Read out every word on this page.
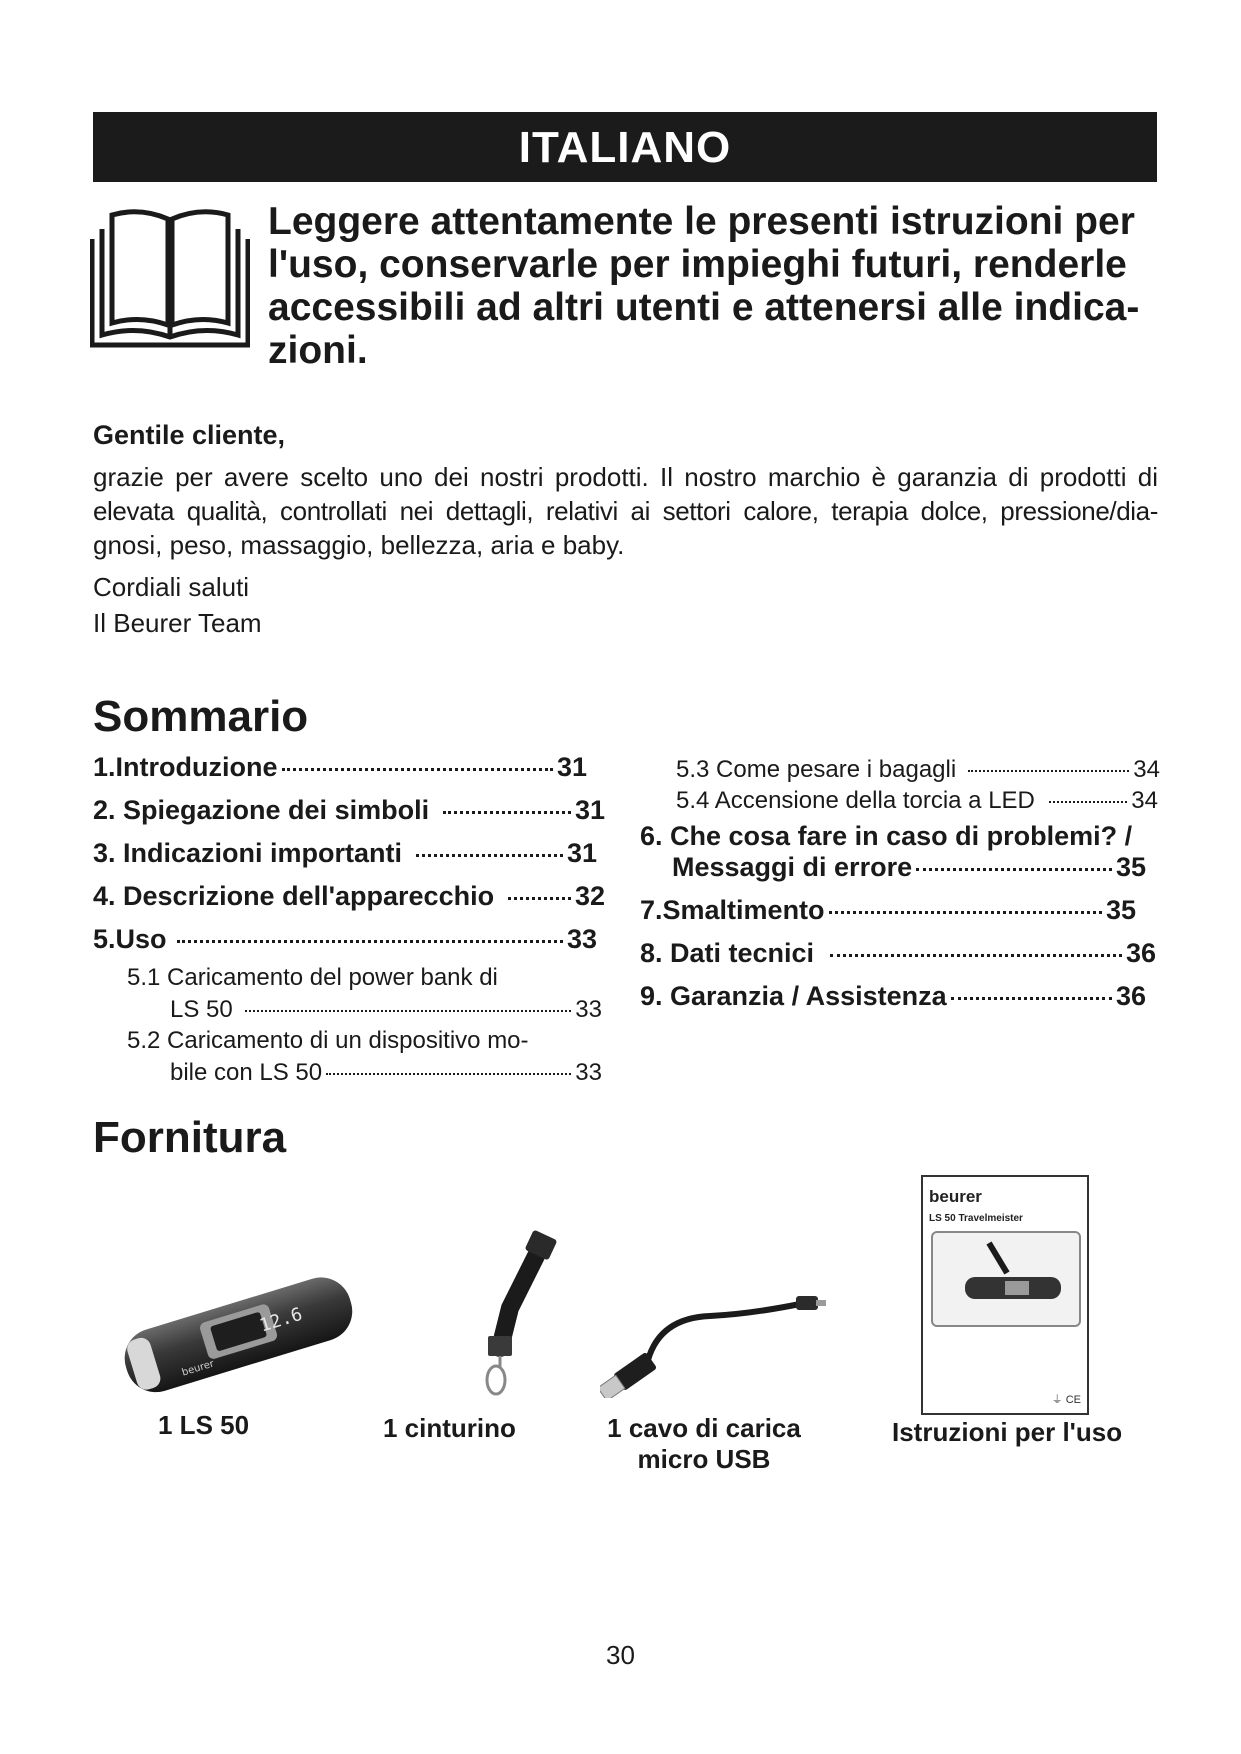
ITALIANO
Leggere attentamente le presenti istruzioni per
l'uso, conservarle per impieghi futuri, renderle
accessibili ad altri utenti e attenersi alle indica-
zioni.

Gentile cliente,

grazie per avere scelto uno dei nostri prodotti. Il nostro marchio è garanzia di prodotti di
elevata qualità, controllati nei dettagli, relativi ai settori calore, terapia dolce, pressione/dia-
gnosi, peso, massaggio, bellezza, aria e baby.

Cordiali saluti

Il Beurer Team

Sommario
1.Introduzione	31
2. Spiegazione dei simboli	31
3. Indicazioni importanti	31
4. Descrizione dell'apparecchio	32
5.Uso	33
5.1 Caricamento del power bank di
LS 50	33
5.2 Caricamento di un dispositivo mo-
bile con LS 50	33
5.3 Come pesare i bagagli	34
5.4 Accensione della torcia a LED	34
6. Che cosa fare in caso di problemi? /
Messaggi di errore	35
7.Smaltimento	35
8. Dati tecnici	36
9. Garanzia / Assistenza	36
Fornitura
12.6
beurer

1 LS 50	1 cinturino	1 cavo di carica
micro USB
beurer
LS 50 Travelmeister
⏚ CE

Istruzioni per l'uso

30
